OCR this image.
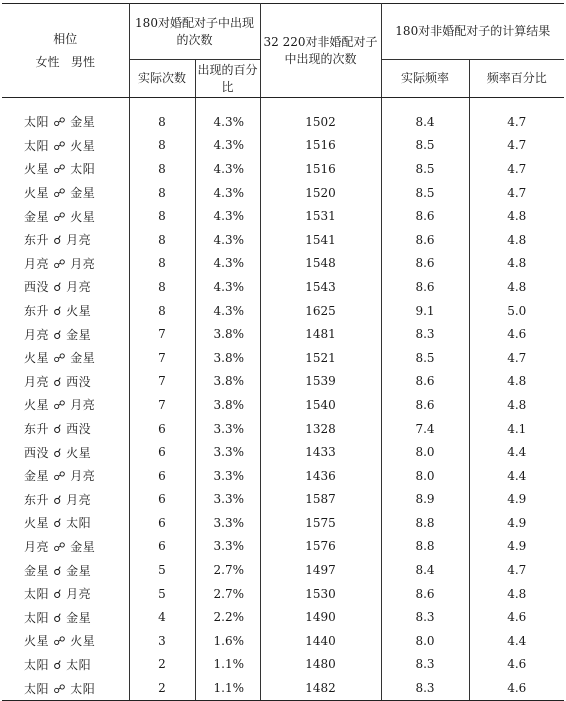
相位
女性 男性	180对婚配对子中出现的次数		32 220对非婚配对子中出现的次数	180对非婚配对子的计算结果	
	实际次数	出现的百分比		实际频率	频率百分比

太阳 ☍ 金星	8	4.3%	1502	8.4	4.7
太阳 ☍ 火星	8	4.3%	1516	8.5	4.7
火星 ☍ 太阳	8	4.3%	1516	8.5	4.7
火星 ☍ 金星	8	4.3%	1520	8.5	4.7
金星 ☍ 火星	8	4.3%	1531	8.6	4.8
东升 ☌ 月亮	8	4.3%	1541	8.6	4.8
月亮 ☍ 月亮	8	4.3%	1548	8.6	4.8
西没 ☌ 月亮	8	4.3%	1543	8.6	4.8
东升 ☌ 火星	8	4.3%	1625	9.1	5.0
月亮 ☌ 金星	7	3.8%	1481	8.3	4.6
火星 ☍ 金星	7	3.8%	1521	8.5	4.7
月亮 ☌ 西没	7	3.8%	1539	8.6	4.8
火星 ☍ 月亮	7	3.8%	1540	8.6	4.8
东升 ☌ 西没	6	3.3%	1328	7.4	4.1
西没 ☌ 火星	6	3.3%	1433	8.0	4.4
金星 ☍ 月亮	6	3.3%	1436	8.0	4.4
东升 ☌ 月亮	6	3.3%	1587	8.9	4.9
火星 ☌ 太阳	6	3.3%	1575	8.8	4.9
月亮 ☍ 金星	6	3.3%	1576	8.8	4.9
金星 ☌ 金星	5	2.7%	1497	8.4	4.7
太阳 ☌ 月亮	5	2.7%	1530	8.6	4.8
太阳 ☌ 金星	4	2.2%	1490	8.3	4.6
火星 ☍ 火星	3	1.6%	1440	8.0	4.4
太阳 ☌ 太阳	2	1.1%	1480	8.3	4.6
太阳 ☍ 太阳	2	1.1%	1482	8.3	4.6
